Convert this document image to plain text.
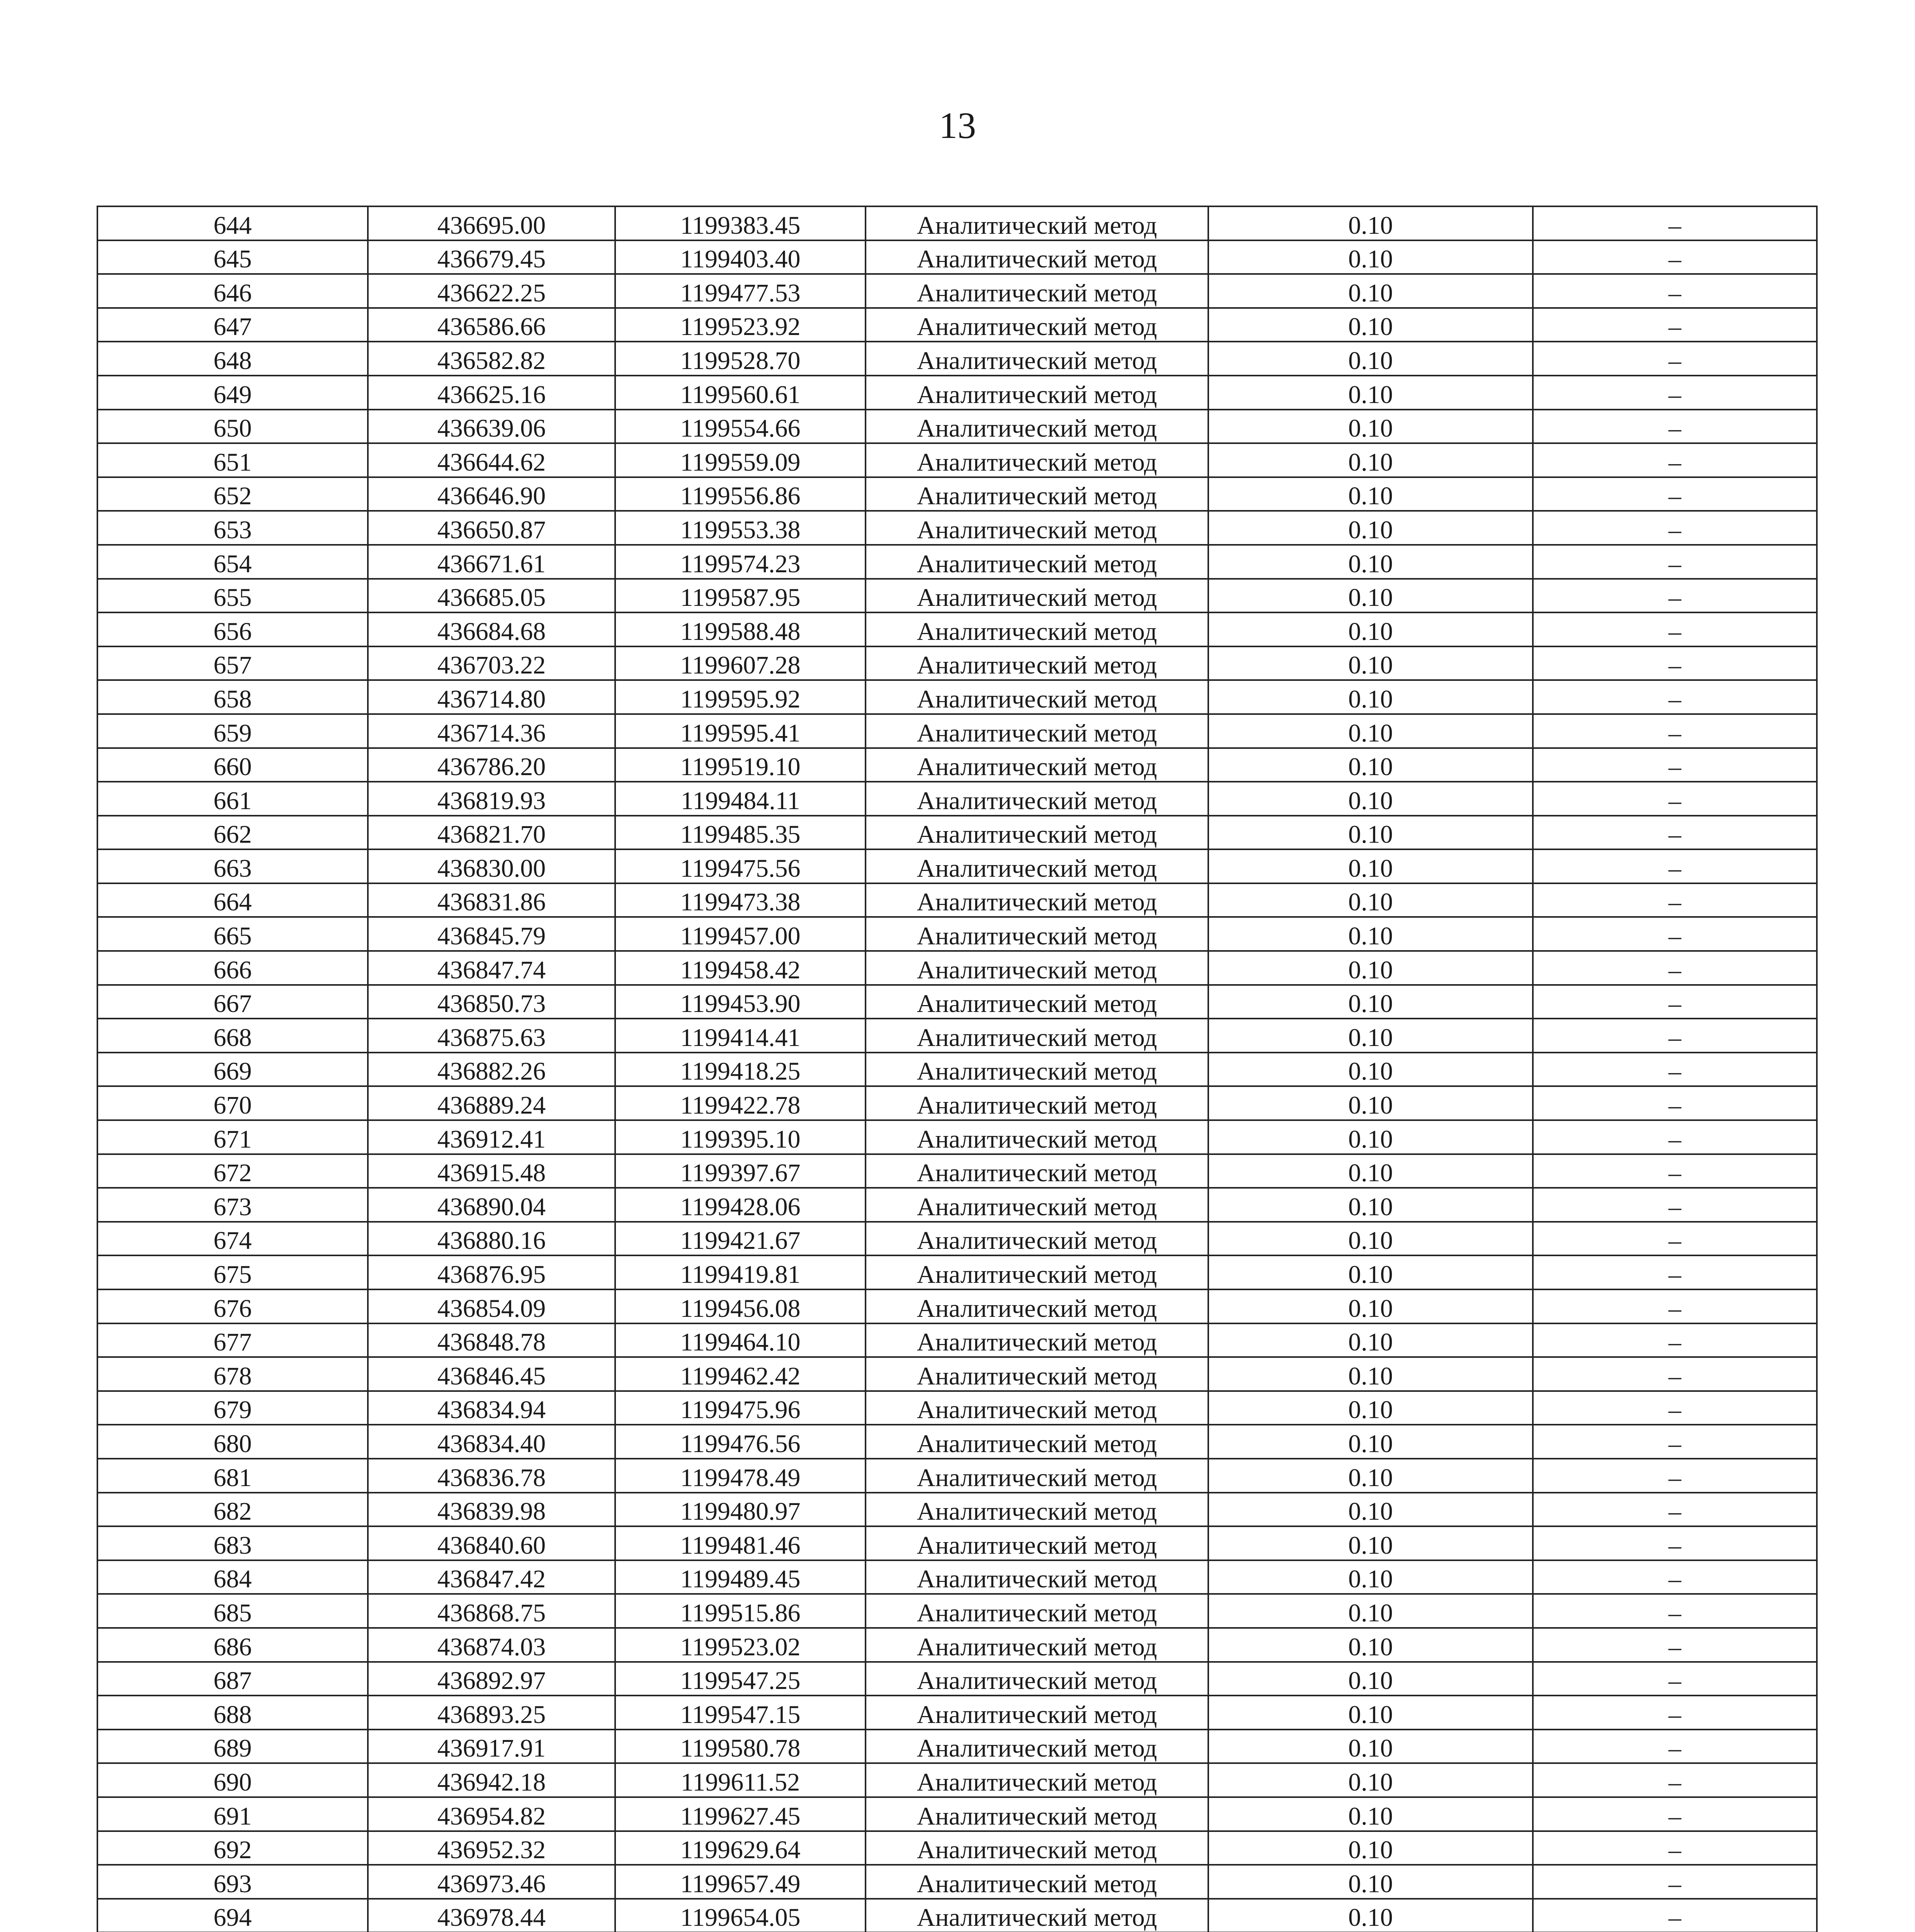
13
644	436695.00	1199383.45	Аналитический метод	0.10	–
645	436679.45	1199403.40	Аналитический метод	0.10	–
646	436622.25	1199477.53	Аналитический метод	0.10	–
647	436586.66	1199523.92	Аналитический метод	0.10	–
648	436582.82	1199528.70	Аналитический метод	0.10	–
649	436625.16	1199560.61	Аналитический метод	0.10	–
650	436639.06	1199554.66	Аналитический метод	0.10	–
651	436644.62	1199559.09	Аналитический метод	0.10	–
652	436646.90	1199556.86	Аналитический метод	0.10	–
653	436650.87	1199553.38	Аналитический метод	0.10	–
654	436671.61	1199574.23	Аналитический метод	0.10	–
655	436685.05	1199587.95	Аналитический метод	0.10	–
656	436684.68	1199588.48	Аналитический метод	0.10	–
657	436703.22	1199607.28	Аналитический метод	0.10	–
658	436714.80	1199595.92	Аналитический метод	0.10	–
659	436714.36	1199595.41	Аналитический метод	0.10	–
660	436786.20	1199519.10	Аналитический метод	0.10	–
661	436819.93	1199484.11	Аналитический метод	0.10	–
662	436821.70	1199485.35	Аналитический метод	0.10	–
663	436830.00	1199475.56	Аналитический метод	0.10	–
664	436831.86	1199473.38	Аналитический метод	0.10	–
665	436845.79	1199457.00	Аналитический метод	0.10	–
666	436847.74	1199458.42	Аналитический метод	0.10	–
667	436850.73	1199453.90	Аналитический метод	0.10	–
668	436875.63	1199414.41	Аналитический метод	0.10	–
669	436882.26	1199418.25	Аналитический метод	0.10	–
670	436889.24	1199422.78	Аналитический метод	0.10	–
671	436912.41	1199395.10	Аналитический метод	0.10	–
672	436915.48	1199397.67	Аналитический метод	0.10	–
673	436890.04	1199428.06	Аналитический метод	0.10	–
674	436880.16	1199421.67	Аналитический метод	0.10	–
675	436876.95	1199419.81	Аналитический метод	0.10	–
676	436854.09	1199456.08	Аналитический метод	0.10	–
677	436848.78	1199464.10	Аналитический метод	0.10	–
678	436846.45	1199462.42	Аналитический метод	0.10	–
679	436834.94	1199475.96	Аналитический метод	0.10	–
680	436834.40	1199476.56	Аналитический метод	0.10	–
681	436836.78	1199478.49	Аналитический метод	0.10	–
682	436839.98	1199480.97	Аналитический метод	0.10	–
683	436840.60	1199481.46	Аналитический метод	0.10	–
684	436847.42	1199489.45	Аналитический метод	0.10	–
685	436868.75	1199515.86	Аналитический метод	0.10	–
686	436874.03	1199523.02	Аналитический метод	0.10	–
687	436892.97	1199547.25	Аналитический метод	0.10	–
688	436893.25	1199547.15	Аналитический метод	0.10	–
689	436917.91	1199580.78	Аналитический метод	0.10	–
690	436942.18	1199611.52	Аналитический метод	0.10	–
691	436954.82	1199627.45	Аналитический метод	0.10	–
692	436952.32	1199629.64	Аналитический метод	0.10	–
693	436973.46	1199657.49	Аналитический метод	0.10	–
694	436978.44	1199654.05	Аналитический метод	0.10	–
